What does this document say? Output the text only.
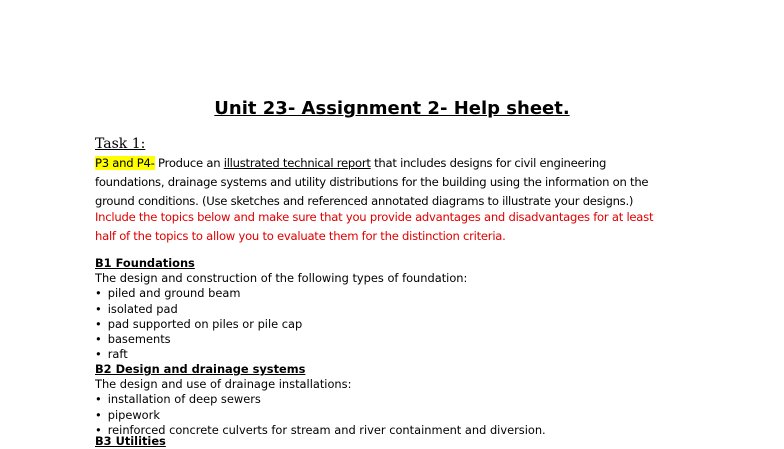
Unit 23- Assignment 2- Help sheet.
Task 1:
P3 and P4- Produce an illustrated technical report that includes designs for civil engineering
foundations, drainage systems and utility distributions for the building using the information on the
ground conditions. (Use sketches and referenced annotated diagrams to illustrate your designs.)
Include the topics below and make sure that you provide advantages and disadvantages for at least
half of the topics to allow you to evaluate them for the distinction criteria.
B1 Foundations
The design and construction of the following types of foundation:
• piled and ground beam
• isolated pad
• pad supported on piles or pile cap
• basements
• raft
B2 Design and drainage systems
The design and use of drainage installations:
• installation of deep sewers
• pipework
• reinforced concrete culverts for stream and river containment and diversion.
B3 Utilities
